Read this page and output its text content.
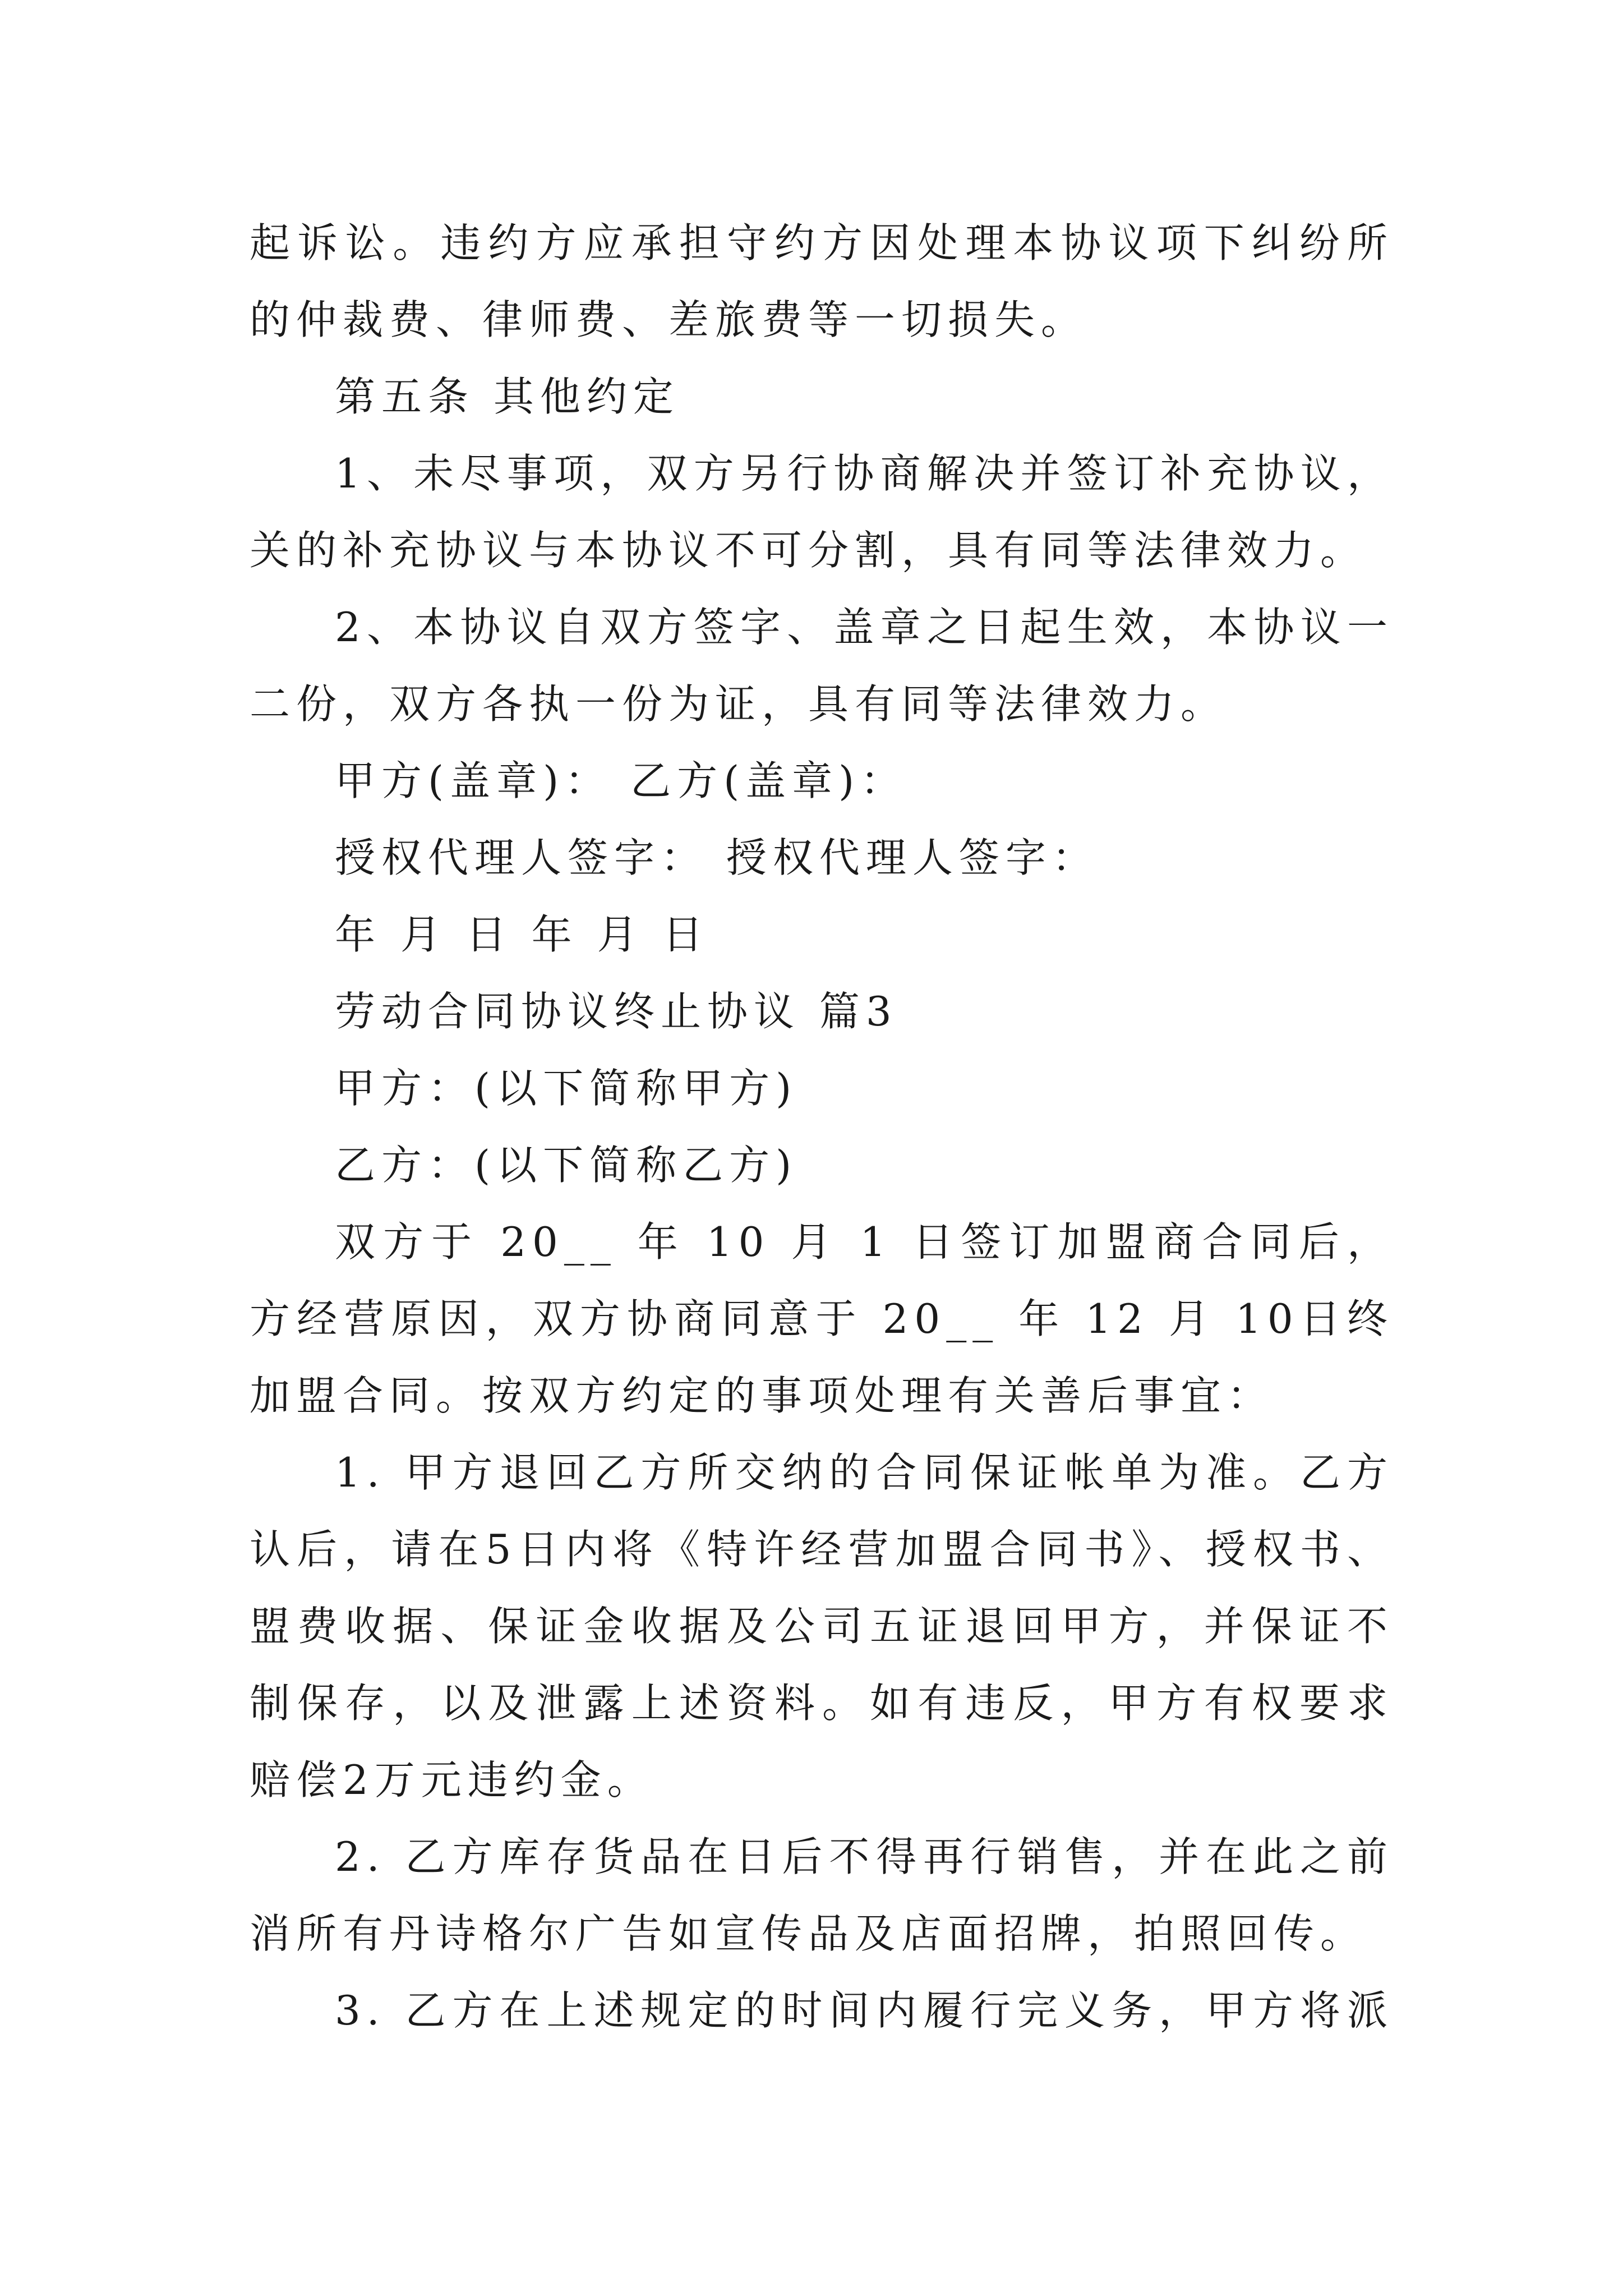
起诉讼。违约方应承担守约方因处理本协议项下纠纷所
的仲裁费、律师费、差旅费等一切损失。
第五条 其他约定
1、未尽事项，双方另行协商解决并签订补充协议，
关的补充协议与本协议不可分割，具有同等法律效力。
2、本协议自双方签字、盖章之日起生效，本协议一
二份，双方各执一份为证，具有同等法律效力。
甲方(盖章)： 乙方(盖章)：
授权代理人签字： 授权代理人签字：
年 月 日 年 月 日
劳动合同协议终止协议 篇3
甲方：(以下简称甲方)
乙方：(以下简称乙方)
双方于 20__ 年 10 月 1 日签订加盟商合同后，
方经营原因，双方协商同意于 20__ 年 12 月 10日终
加盟合同。按双方约定的事项处理有关善后事宜：
1. 甲方退回乙方所交纳的合同保证帐单为准。乙方
认后，请在5日内将《特许经营加盟合同书》、授权书、
盟费收据、保证金收据及公司五证退回甲方，并保证不
制保存，以及泄露上述资料。如有违反，甲方有权要求
赔偿2万元违约金。
2. 乙方库存货品在日后不得再行销售，并在此之前
消所有丹诗格尔广告如宣传品及店面招牌，拍照回传。
3. 乙方在上述规定的时间内履行完义务，甲方将派
